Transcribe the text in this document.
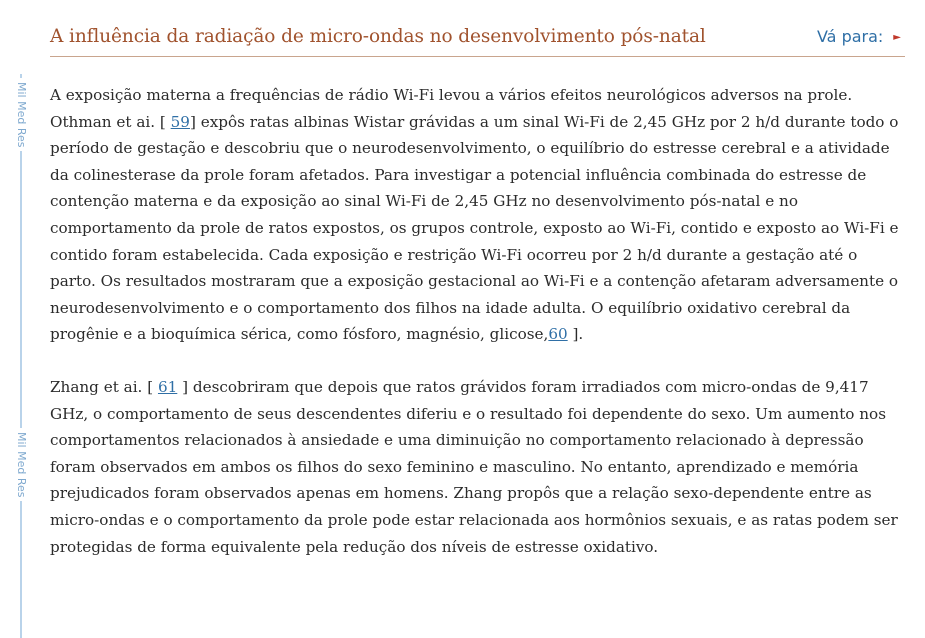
Mil Med Res
Mil Med Res
A influência da radiação de micro-ondas no desenvolvimento pós-natal	Vá para: ►

A exposição materna a frequências de rádio Wi-Fi levou a vários efeitos neurológicos adversos na prole. Othman et ai. [ 59] expôs ratas albinas Wistar grávidas a um sinal Wi-Fi de 2,45 GHz por 2 h/d durante todo o período de gestação e descobriu que o neurodesenvolvimento, o equilíbrio do estresse cerebral e a atividade da colinesterase da prole foram afetados. Para investigar a potencial influência combinada do estresse de contenção materna e da exposição ao sinal Wi-Fi de 2,45 GHz no desenvolvimento pós-natal e no comportamento da prole de ratos expostos, os grupos controle, exposto ao Wi-Fi, contido e exposto ao Wi-Fi e contido foram estabelecida. Cada exposição e restrição Wi-Fi ocorreu por 2 h/d durante a gestação até o parto. Os resultados mostraram que a exposição gestacional ao Wi-Fi e a contenção afetaram adversamente o neurodesenvolvimento e o comportamento dos filhos na idade adulta. O equilíbrio oxidativo cerebral da progênie e a bioquímica sérica, como fósforo, magnésio, glicose,60 ].

Zhang et ai. [ 61 ] descobriram que depois que ratos grávidos foram irradiados com micro-ondas de 9,417 GHz, o comportamento de seus descendentes diferiu e o resultado foi dependente do sexo. Um aumento nos comportamentos relacionados à ansiedade e uma diminuição no comportamento relacionado à depressão foram observados em ambos os filhos do sexo feminino e masculino. No entanto, aprendizado e memória prejudicados foram observados apenas em homens. Zhang propôs que a relação sexo-dependente entre as micro-ondas e o comportamento da prole pode estar relacionada aos hormônios sexuais, e as ratas podem ser protegidas de forma equivalente pela redução dos níveis de estresse oxidativo.
